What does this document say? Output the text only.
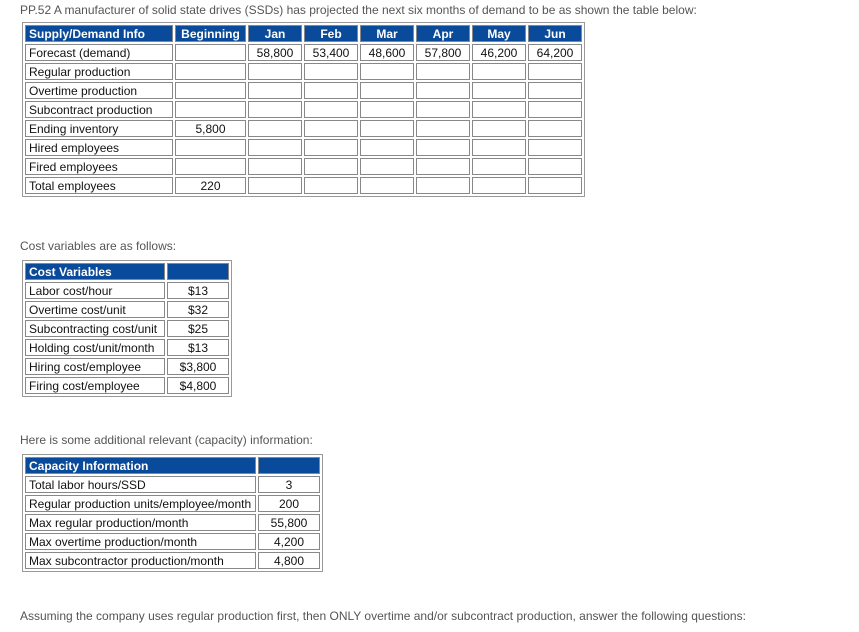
PP.52 A manufacturer of solid state drives (SSDs) has projected the next six months of demand to be as shown the table below:
Supply/Demand Info	Beginning	Jan	Feb	Mar	Apr	May	Jun
Forecast (demand)		58,800	53,400	48,600	57,800	46,200	64,200
Regular production							
Overtime production							
Subcontract production							
Ending inventory	5,800						
Hired employees							
Fired employees							
Total employees	220						
Cost variables are as follows:
Cost Variables	
Labor cost/hour	$13
Overtime cost/unit	$32
Subcontracting cost/unit	$25
Holding cost/unit/month	$13
Hiring cost/employee	$3,800
Firing cost/employee	$4,800
Here is some additional relevant (capacity) information:
Capacity Information	
Total labor hours/SSD	3
Regular production units/employee/month	200
Max regular production/month	55,800
Max overtime production/month	4,200
Max subcontractor production/month	4,800
Assuming the company uses regular production first, then ONLY overtime and/or subcontract production, answer the following questions:
